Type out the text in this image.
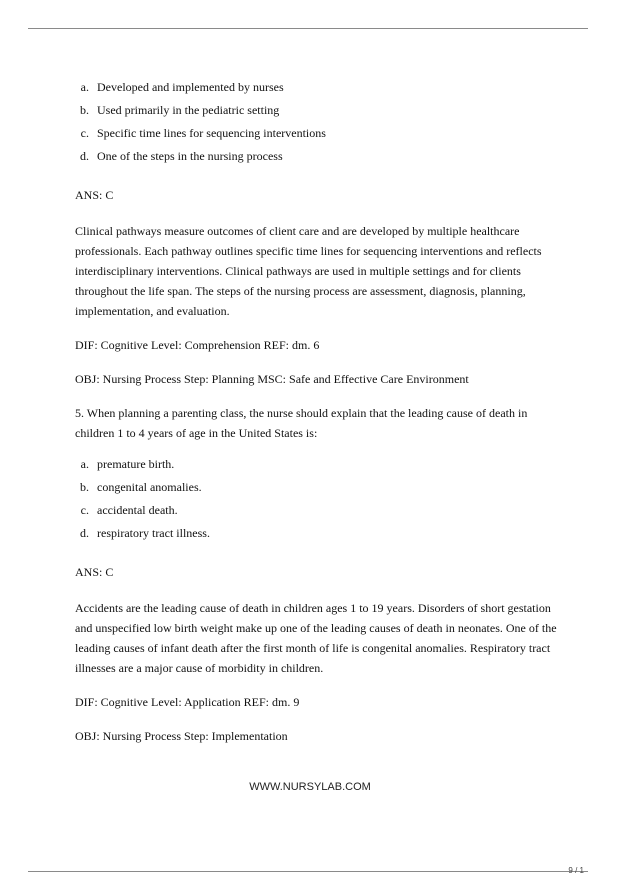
a. Developed and implemented by nurses
b. Used primarily in the pediatric setting
c. Specific time lines for sequencing interventions
d. One of the steps in the nursing process

ANS: C

Clinical pathways measure outcomes of client care and are developed by multiple healthcare professionals. Each pathway outlines specific time lines for sequencing interventions and reflects interdisciplinary interventions. Clinical pathways are used in multiple settings and for clients throughout the life span. The steps of the nursing process are assessment, diagnosis, planning, implementation, and evaluation.

DIF: Cognitive Level: Comprehension REF: dm. 6

OBJ: Nursing Process Step: Planning MSC: Safe and Effective Care Environment

5. When planning a parenting class, the nurse should explain that the leading cause of death in children 1 to 4 years of age in the United States is:

a. premature birth.
b. congenital anomalies.
c. accidental death.
d. respiratory tract illness.

ANS: C

Accidents are the leading cause of death in children ages 1 to 19 years. Disorders of short gestation and unspecified low birth weight make up one of the leading causes of death in neonates. One of the leading causes of infant death after the first month of life is congenital anomalies. Respiratory tract illnesses are a major cause of morbidity in children.

DIF: Cognitive Level: Application REF: dm. 9

OBJ: Nursing Process Step: Implementation

WWW.NURSYLAB.COM
9 / 1
